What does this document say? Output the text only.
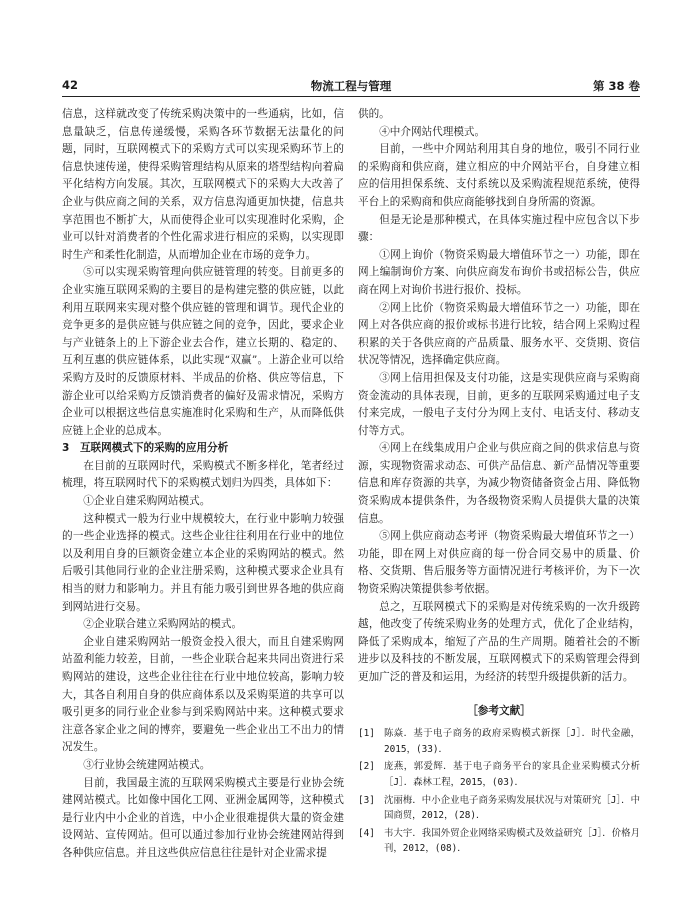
42	物流工程与管理	第 38 卷

信息，这样就改变了传统采购决策中的一些通病，比如，信息量缺乏，信息传递缓慢，采购各环节数据无法量化的问题，同时，互联网模式下的采购方式可以实现采购环节上的信息快速传递，使得采购管理结构从原来的塔型结构向着扁平化结构方向发展。其次，互联网模式下的采购大大改善了企业与供应商之间的关系，双方信息沟通更加快捷，信息共享范围也不断扩大，从而使得企业可以实现准时化采购，企业可以针对消费者的个性化需求进行相应的采购，以实现即时生产和柔性化制造，从而增加企业在市场的竞争力。

⑤可以实现采购管理向供应链管理的转变。目前更多的企业实施互联网采购的主要目的是构建完整的供应链，以此利用互联网来实现对整个供应链的管理和调节。现代企业的竞争更多的是供应链与供应链之间的竞争，因此，要求企业与产业链条上的上下游企业去合作，建立长期的、稳定的、互利互惠的供应链体系，以此实现“双赢”。上游企业可以给采购方及时的反馈原材料、半成品的价格、供应等信息，下游企业可以给采购方反馈消费者的偏好及需求情况，采购方企业可以根据这些信息实施准时化采购和生产，从而降低供应链上企业的总成本。

3　互联网模式下的采购的应用分析

在目前的互联网时代，采购模式不断多样化，笔者经过梳理，将互联网时代下的采购模式划归为四类，具体如下：

①企业自建采购网站模式。

这种模式一般为行业中规模较大，在行业中影响力较强的一些企业选择的模式。这些企业往往利用在行业中的地位以及利用自身的巨额资金建立本企业的采购网站的模式。然后吸引其他同行业的企业注册采购，这种模式要求企业具有相当的财力和影响力。并且有能力吸引到世界各地的供应商到网站进行交易。

②企业联合建立采购网站的模式。

企业自建采购网站一般资金投入很大，而且自建采购网站盈利能力较差，目前，一些企业联合起来共同出资进行采购网站的建设，这些企业往往在行业中地位较高，影响力较大，其各自利用自身的供应商体系以及采购渠道的共享可以吸引更多的同行业企业参与到采购网站中来。这种模式要求注意各家企业之间的博弈，要避免一些企业出工不出力的情况发生。

③行业协会统建网站模式。

目前，我国最主流的互联网采购模式主要是行业协会统建网站模式。比如像中国化工网、亚洲金属网等，这种模式是行业内中小企业的首选，中小企业很难提供大量的资金建设网站、宣传网站。但可以通过参加行业协会统建网站得到各种供应信息。并且这些供应信息往往是针对企业需求提

供的。

④中介网站代理模式。

目前，一些中介网站利用其自身的地位，吸引不同行业的采购商和供应商，建立相应的中介网站平台，自身建立相应的信用担保系统、支付系统以及采购流程规范系统，使得平台上的采购商和供应商能够找到自身所需的资源。

但是无论是那种模式，在具体实施过程中应包含以下步骤：

①网上询价（物资采购最大增值环节之一）功能，即在网上编制询价方案、向供应商发布询价书或招标公告，供应商在网上对询价书进行报价、投标。

②网上比价（物资采购最大增值环节之一）功能，即在网上对各供应商的报价或标书进行比较，结合网上采购过程积累的关于各供应商的产品质量、服务水平、交货期、资信状况等情况，选择确定供应商。

③网上信用担保及支付功能，这是实现供应商与采购商资金流动的具体表现，目前，更多的互联网采购通过电子支付来完成，一般电子支付分为网上支付、电话支付、移动支付等方式。

④网上在线集成用户企业与供应商之间的供求信息与资源，实现物资需求动态、可供产品信息、新产品情况等重要信息和库存资源的共享，为减少物资储备资金占用、降低物资采购成本提供条件，为各级物资采购人员提供大量的决策信息。

⑤网上供应商动态考评（物资采购最大增值环节之一）功能，即在网上对供应商的每一份合同交易中的质量、价格、交货期、售后服务等方面情况进行考核评价，为下一次物资采购决策提供参考依据。

总之，互联网模式下的采购是对传统采购的一次升级跨越，他改变了传统采购业务的处理方式，优化了企业结构，降低了采购成本，缩短了产品的生产周期。随着社会的不断进步以及科技的不断发展，互联网模式下的采购管理会得到更加广泛的普及和运用，为经济的转型升级提供新的活力。

［参考文献］
[1] 陈焱．基于电子商务的政府采购模式新探［J］．时代金融，2015，(33)．
[2] 庞燕，郭爱辉．基于电子商务平台的家具企业采购模式分析［J］．森林工程，2015，(03)．
[3] 沈丽梅．中小企业电子商务采购发展状况与对策研究［J］．中国商贸，2012，(28)．
[4] 韦大宇．我国外贸企业网络采购模式及效益研究［J］．价格月刊，2012，(08)．
